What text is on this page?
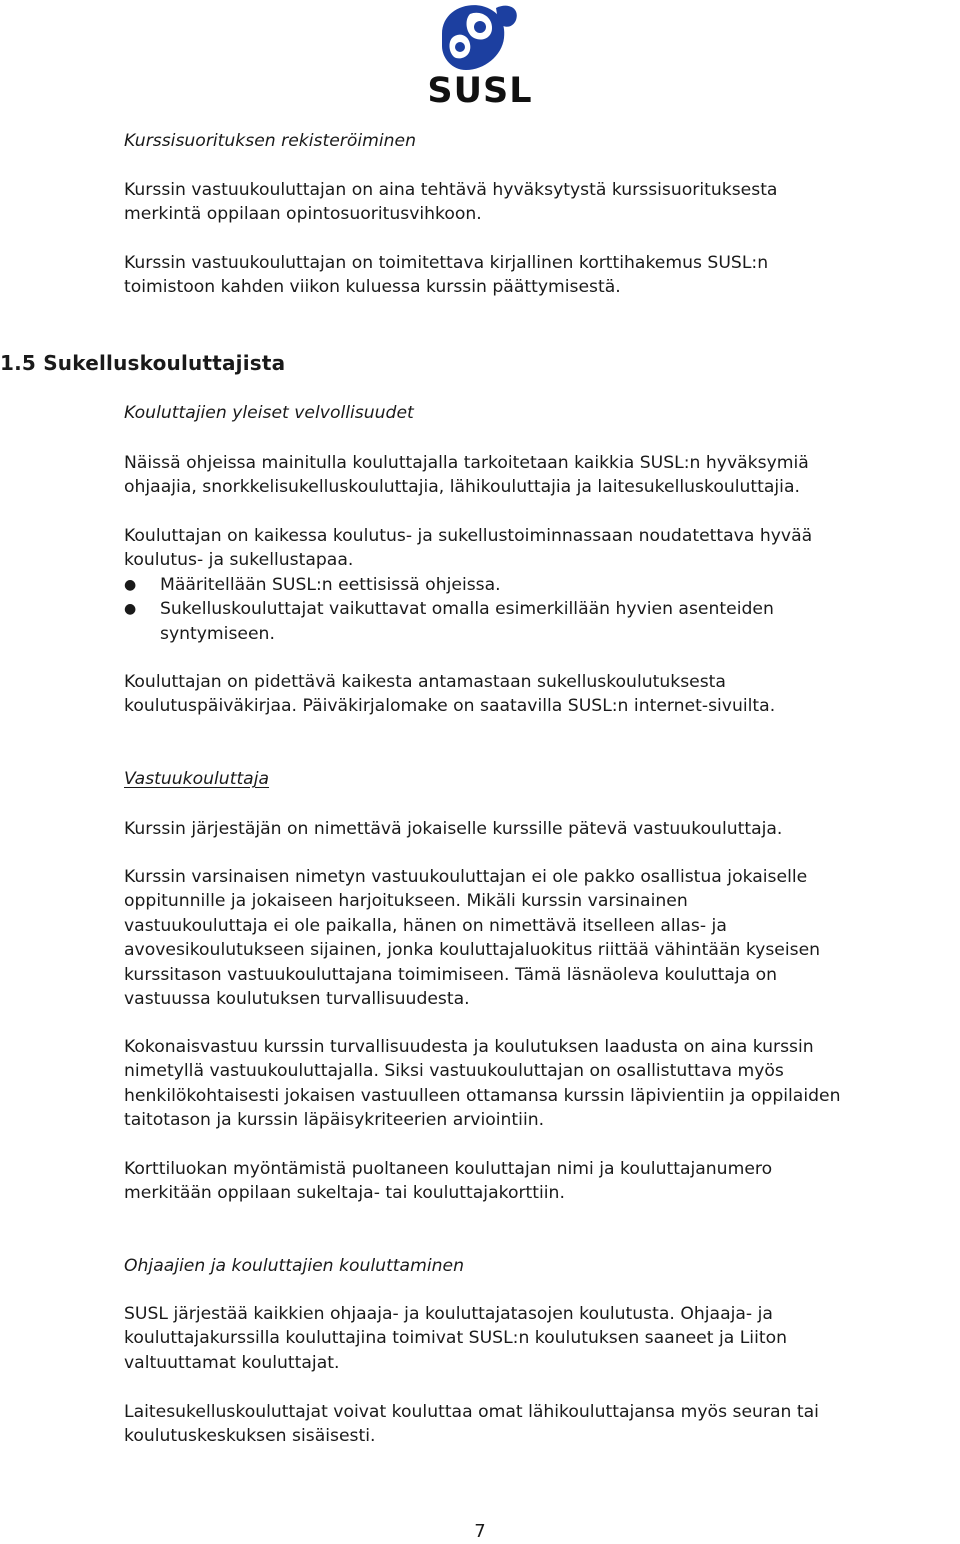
SUSL

Kurssisuorituksen rekisteröiminen

Kurssin vastuukouluttajan on aina tehtävä hyväksytystä kurssisuorituksesta
merkintä oppilaan opintosuoritusvihkoon.

Kurssin vastuukouluttajan on toimitettava kirjallinen korttihakemus SUSL:n
toimistoon kahden viikon kuluessa kurssin päättymisestä.

1.5 Sukelluskouluttajista

Kouluttajien yleiset velvollisuudet

Näissä ohjeissa mainitulla kouluttajalla tarkoitetaan kaikkia SUSL:n hyväksymiä
ohjaajia, snorkkelisukelluskouluttajia, lähikouluttajia ja laitesukelluskouluttajia.

Kouluttajan on kaikessa koulutus- ja sukellustoiminnassaan noudatettava hyvää
koulutus- ja sukellustapaa.

● Määritellään SUSL:n eettisissä ohjeissa.
● Sukelluskouluttajat vaikuttavat omalla esimerkillään hyvien asenteiden
syntymiseen.

Kouluttajan on pidettävä kaikesta antamastaan sukelluskoulutuksesta
koulutuspäiväkirjaa. Päiväkirjalomake on saatavilla SUSL:n internet-sivuilta.

Vastuukouluttaja

Kurssin järjestäjän on nimettävä jokaiselle kurssille pätevä vastuukouluttaja.

Kurssin varsinaisen nimetyn vastuukouluttajan ei ole pakko osallistua jokaiselle
oppitunnille ja jokaiseen harjoitukseen. Mikäli kurssin varsinainen
vastuukouluttaja ei ole paikalla, hänen on nimettävä itselleen allas- ja
avovesikoulutukseen sijainen, jonka kouluttajaluokitus riittää vähintään kyseisen
kurssitason vastuukouluttajana toimimiseen. Tämä läsnäoleva kouluttaja on
vastuussa koulutuksen turvallisuudesta.

Kokonaisvastuu kurssin turvallisuudesta ja koulutuksen laadusta on aina kurssin
nimetyllä vastuukouluttajalla. Siksi vastuukouluttajan on osallistuttava myös
henkilökohtaisesti jokaisen vastuulleen ottamansa kurssin läpivientiin ja oppilaiden
taitotason ja kurssin läpäisykriteerien arviointiin.

Korttiluokan myöntämistä puoltaneen kouluttajan nimi ja kouluttajanumero
merkitään oppilaan sukeltaja- tai kouluttajakorttiin.

Ohjaajien ja kouluttajien kouluttaminen

SUSL järjestää kaikkien ohjaaja- ja kouluttajatasojen koulutusta. Ohjaaja- ja
kouluttajakurssilla kouluttajina toimivat SUSL:n koulutuksen saaneet ja Liiton
valtuuttamat kouluttajat.

Laitesukelluskouluttajat voivat kouluttaa omat lähikouluttajansa myös seuran tai
koulutuskeskuksen sisäisesti.

7
